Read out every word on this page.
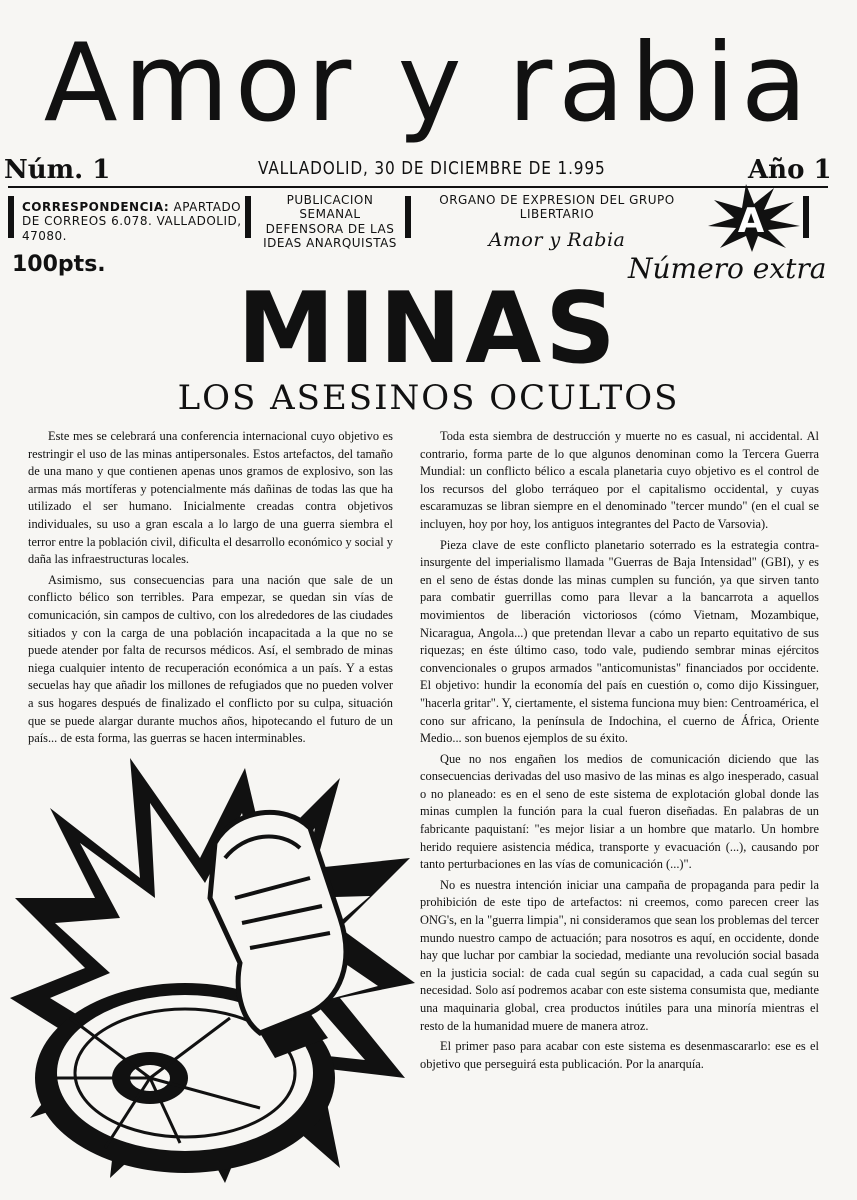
Amor y rabia
Núm. 1	VALLADOLID, 30 DE DICIEMBRE DE 1.995	Año 1
CORRESPONDENCIA: APARTADO DE CORREOS 6.078. VALLADOLID, 47080.
PUBLICACION SEMANAL DEFENSORA DE LAS IDEAS ANARQUISTAS
ORGANO DE EXPRESION DEL GRUPO LIBERTARIO
Amor y Rabia	A
100pts.	Número extra
MINAS
LOS ASESINOS OCULTOS

Este mes se celebrará una conferencia internacional cuyo objetivo es restringir el uso de las minas antipersonales. Estos artefactos, del tamaño de una mano y que contienen apenas unos gramos de explosivo, son las armas más mortíferas y potencialmente más dañinas de todas las que ha utilizado el ser humano. Inicialmente creadas contra objetivos individuales, su uso a gran escala a lo largo de una guerra siembra el terror entre la población civil, dificulta el desarrollo económico y social y daña las infraestructuras locales.

Asimismo, sus consecuencias para una nación que sale de un conflicto bélico son terribles. Para empezar, se quedan sin vías de comunicación, sin campos de cultivo, con los alrededores de las ciudades sitiados y con la carga de una población incapacitada a la que no se puede atender por falta de recursos médicos. Así, el sembrado de minas niega cualquier intento de recuperación económica a un país. Y a estas secuelas hay que añadir los millones de refugiados que no pueden volver a sus hogares después de finalizado el conflicto por su culpa, situación que se puede alargar durante muchos años, hipotecando el futuro de un país... de esta forma, las guerras se hacen interminables.

Toda esta siembra de destrucción y muerte no es casual, ni accidental. Al contrario, forma parte de lo que algunos denominan como la Tercera Guerra Mundial: un conflicto bélico a escala planetaria cuyo objetivo es el control de los recursos del globo terráqueo por el capitalismo occidental, y cuyas escaramuzas se libran siempre en el denominado "tercer mundo" (en el cual se incluyen, hoy por hoy, los antiguos integrantes del Pacto de Varsovia).

Pieza clave de este conflicto planetario soterrado es la estrategia contra-insurgente del imperialismo llamada "Guerras de Baja Intensidad" (GBI), y es en el seno de éstas donde las minas cumplen su función, ya que sirven tanto para combatir guerrillas como para llevar a la bancarrota a aquellos movimientos de liberación victoriosos (cómo Vietnam, Mozambique, Nicaragua, Angola...) que pretendan llevar a cabo un reparto equitativo de sus riquezas; en éste último caso, todo vale, pudiendo sembrar minas ejércitos convencionales o grupos armados "anticomunistas" financiados por occidente. El objetivo: hundir la economía del país en cuestión o, como dijo Kissinguer, "hacerla gritar". Y, ciertamente, el sistema funciona muy bien: Centroamérica, el cono sur africano, la península de Indochina, el cuerno de África, Oriente Medio... son buenos ejemplos de su éxito.

Que no nos engañen los medios de comunicación diciendo que las consecuencias derivadas del uso masivo de las minas es algo inesperado, casual o no planeado: es en el seno de este sistema de explotación global donde las minas cumplen la función para la cual fueron diseñadas. En palabras de un fabricante paquistaní: "es mejor lisiar a un hombre que matarlo. Un hombre herido requiere asistencia médica, transporte y evacuación (...), causando por tanto perturbaciones en las vías de comunicación (...)".

No es nuestra intención iniciar una campaña de propaganda para pedir la prohibición de este tipo de artefactos: ni creemos, como parecen creer las ONG's, en la "guerra limpia", ni consideramos que sean los problemas del tercer mundo nuestro campo de actuación; para nosotros es aquí, en occidente, donde hay que luchar por cambiar la sociedad, mediante una revolución social basada en la justicia social: de cada cual según su capacidad, a cada cual según su necesidad. Solo así podremos acabar con este sistema consumista que, mediante una maquinaria global, crea productos inútiles para una minoría mientras el resto de la humanidad muere de manera atroz.

El primer paso para acabar con este sistema es desenmascararlo: ese es el objetivo que perseguirá esta publicación. Por la anarquía.
